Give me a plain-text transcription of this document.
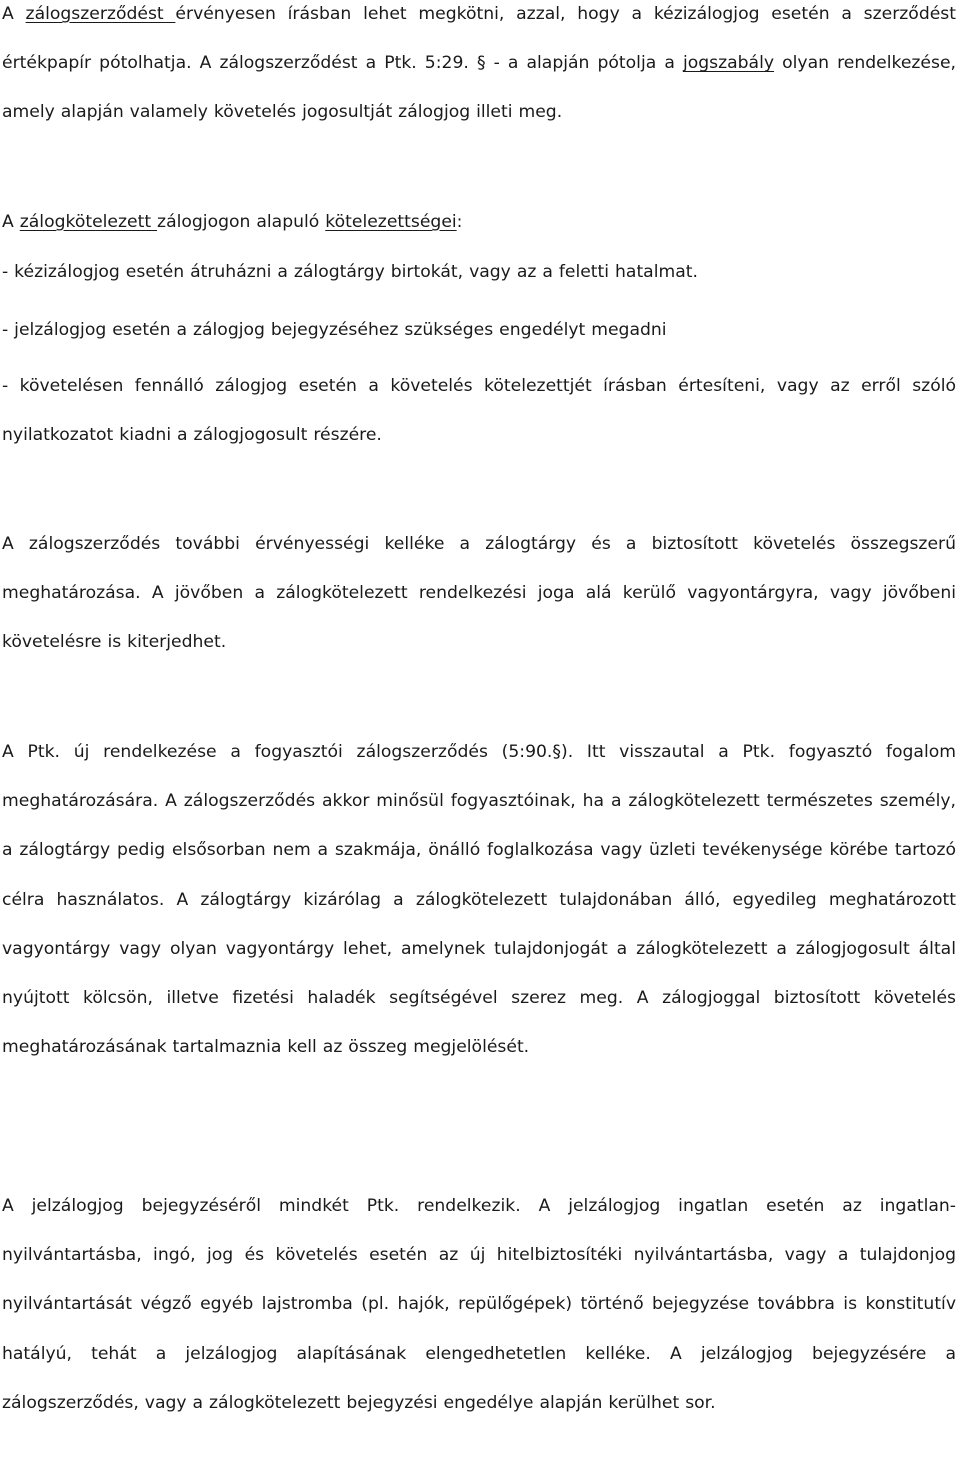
A zálogszerződést érvényesen írásban lehet megkötni, azzal, hogy a kézizálogjog esetén a szerződést értékpapír pótolhatja. A zálogszerződést a Ptk. 5:29. § - a alapján pótolja a jogszabály olyan rendelkezése, amely alapján valamely követelés jogosultját zálogjog illeti meg.

A zálogkötelezett zálogjogon alapuló kötelezettségei:

- kézizálogjog esetén átruházni a zálogtárgy birtokát, vagy az a feletti hatalmat.

- jelzálogjog esetén a zálogjog bejegyzéséhez szükséges engedélyt megadni

- követelésen fennálló zálogjog esetén a követelés kötelezettjét írásban értesíteni, vagy az erről szóló nyilatkozatot kiadni a zálogjogosult részére.

A zálogszerződés további érvényességi kelléke a zálogtárgy és a biztosított követelés összegszerű meghatározása. A jövőben a zálogkötelezett rendelkezési joga alá kerülő vagyontárgyra, vagy jövőbeni követelésre is kiterjedhet.

A Ptk. új rendelkezése a fogyasztói zálogszerződés (5:90.§). Itt visszautal a Ptk. fogyasztó fogalom meghatározására. A zálogszerződés akkor minősül fogyasztóinak, ha a zálogkötelezett természetes személy, a zálogtárgy pedig elsősorban nem a szakmája, önálló foglalkozása vagy üzleti tevékenysége körébe tartozó célra használatos. A zálogtárgy kizárólag a zálogkötelezett tulajdonában álló, egyedileg meghatározott vagyontárgy vagy olyan vagyontárgy lehet, amelynek tulajdonjogát a zálogkötelezett a zálogjogosult által nyújtott kölcsön, illetve fizetési haladék segítségével szerez meg. A zálogjoggal biztosított követelés meghatározásának tartalmaznia kell az összeg megjelölését.

A jelzálogjog bejegyzéséről mindkét Ptk. rendelkezik. A jelzálogjog ingatlan esetén az ingatlan-nyilvántartásba, ingó, jog és követelés esetén az új hitelbiztosítéki nyilvántartásba, vagy a tulajdonjog nyilvántartását végző egyéb lajstromba (pl. hajók, repülőgépek) történő bejegyzése továbbra is konstitutív hatályú, tehát a jelzálogjog alapításának elengedhetetlen kelléke. A jelzálogjog bejegyzésére a zálogszerződés, vagy a zálogkötelezett bejegyzési engedélye alapján kerülhet sor.
